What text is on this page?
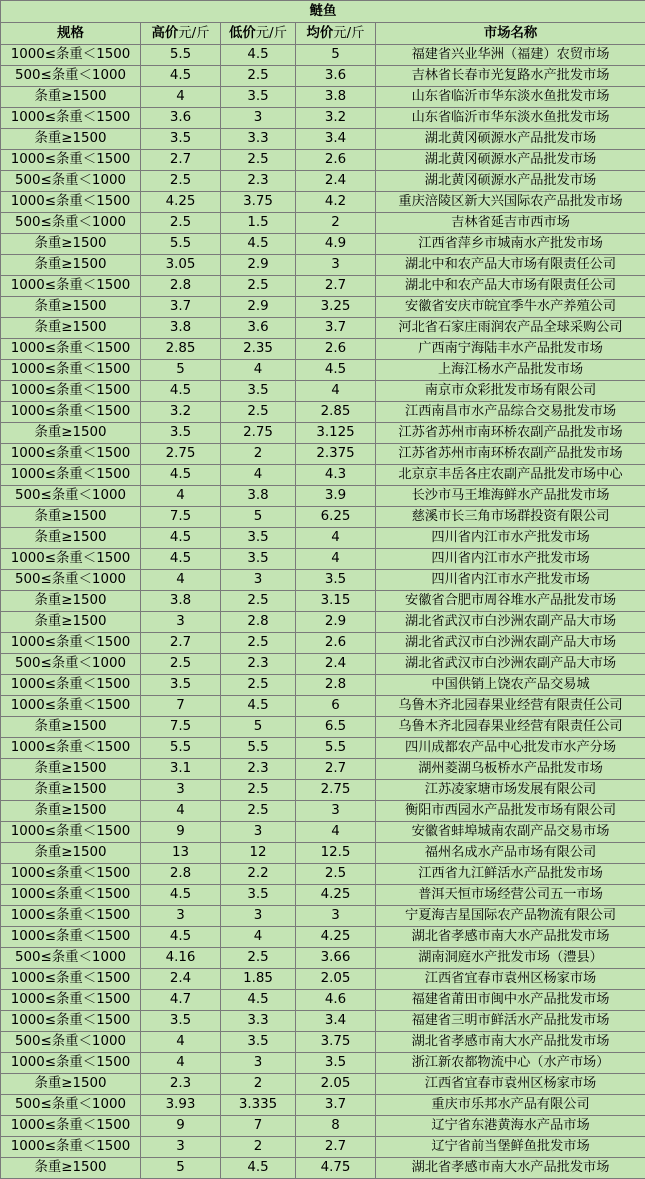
鲢鱼				
规格	高价元/斤	低价元/斤	均价元/斤	市场名称
1000≤条重＜1500	5.5	4.5	5	福建省兴业华洲（福建）农贸市场
500≤条重＜1000	4.5	2.5	3.6	吉林省长春市光复路水产批发市场
条重≥1500	4	3.5	3.8	山东省临沂市华东淡水鱼批发市场
1000≤条重＜1500	3.6	3	3.2	山东省临沂市华东淡水鱼批发市场
条重≥1500	3.5	3.3	3.4	湖北黄冈硕源水产品批发市场
1000≤条重＜1500	2.7	2.5	2.6	湖北黄冈硕源水产品批发市场
500≤条重＜1000	2.5	2.3	2.4	湖北黄冈硕源水产品批发市场
1000≤条重＜1500	4.25	3.75	4.2	重庆涪陵区新大兴国际农产品批发市场
500≤条重＜1000	2.5	1.5	2	吉林省延吉市西市场
条重≥1500	5.5	4.5	4.9	江西省萍乡市城南水产批发市场
条重≥1500	3.05	2.9	3	湖北中和农产品大市场有限责任公司
1000≤条重＜1500	2.8	2.5	2.7	湖北中和农产品大市场有限责任公司
条重≥1500	3.7	2.9	3.25	安徽省安庆市皖宜季牛水产养殖公司
条重≥1500	3.8	3.6	3.7	河北省石家庄雨润农产品全球采购公司
1000≤条重＜1500	2.85	2.35	2.6	广西南宁海陆丰水产品批发市场
1000≤条重＜1500	5	4	4.5	上海江杨水产品批发市场
1000≤条重＜1500	4.5	3.5	4	南京市众彩批发市场有限公司
1000≤条重＜1500	3.2	2.5	2.85	江西南昌市水产品综合交易批发市场
条重≥1500	3.5	2.75	3.125	江苏省苏州市南环桥农副产品批发市场
1000≤条重＜1500	2.75	2	2.375	江苏省苏州市南环桥农副产品批发市场
1000≤条重＜1500	4.5	4	4.3	北京京丰岳各庄农副产品批发市场中心
500≤条重＜1000	4	3.8	3.9	长沙市马王堆海鲜水产品批发市场
条重≥1500	7.5	5	6.25	慈溪市长三角市场群投资有限公司
条重≥1500	4.5	3.5	4	四川省内江市水产批发市场
1000≤条重＜1500	4.5	3.5	4	四川省内江市水产批发市场
500≤条重＜1000	4	3	3.5	四川省内江市水产批发市场
条重≥1500	3.8	2.5	3.15	安徽省合肥市周谷堆水产品批发市场
条重≥1500	3	2.8	2.9	湖北省武汉市白沙洲农副产品大市场
1000≤条重＜1500	2.7	2.5	2.6	湖北省武汉市白沙洲农副产品大市场
500≤条重＜1000	2.5	2.3	2.4	湖北省武汉市白沙洲农副产品大市场
1000≤条重＜1500	3.5	2.5	2.8	中国供销上饶农产品交易城
1000≤条重＜1500	7	4.5	6	乌鲁木齐北园春果业经营有限责任公司
条重≥1500	7.5	5	6.5	乌鲁木齐北园春果业经营有限责任公司
1000≤条重＜1500	5.5	5.5	5.5	四川成都农产品中心批发市水产分场
条重≥1500	3.1	2.3	2.7	湖州菱湖乌板桥水产品批发市场
条重≥1500	3	2.5	2.75	江苏凌家塘市场发展有限公司
条重≥1500	4	2.5	3	衡阳市西园水产品批发市场有限公司
1000≤条重＜1500	9	3	4	安徽省蚌埠城南农副产品交易市场
条重≥1500	13	12	12.5	福州名成水产品市场有限公司
1000≤条重＜1500	2.8	2.2	2.5	江西省九江鲜活水产品批发市场
1000≤条重＜1500	4.5	3.5	4.25	普洱天恒市场经营公司五一市场
1000≤条重＜1500	3	3	3	宁夏海吉星国际农产品物流有限公司
1000≤条重＜1500	4.5	4	4.25	湖北省孝感市南大水产品批发市场
500≤条重＜1000	4.16	2.5	3.66	湖南洞庭水产批发市场（澧县）
1000≤条重＜1500	2.4	1.85	2.05	江西省宜春市袁州区杨家市场
1000≤条重＜1500	4.7	4.5	4.6	福建省莆田市闽中水产品批发市场
1000≤条重＜1500	3.5	3.3	3.4	福建省三明市鲜活水产品批发市场
500≤条重＜1000	4	3.5	3.75	湖北省孝感市南大水产品批发市场
1000≤条重＜1500	4	3	3.5	浙江新农都物流中心（水产市场）
条重≥1500	2.3	2	2.05	江西省宜春市袁州区杨家市场
500≤条重＜1000	3.93	3.335	3.7	重庆市乐邦水产品有限公司
1000≤条重＜1500	9	7	8	辽宁省东港黄海水产品市场
1000≤条重＜1500	3	2	2.7	辽宁省前当堡鲜鱼批发市场
条重≥1500	5	4.5	4.75	湖北省孝感市南大水产品批发市场
